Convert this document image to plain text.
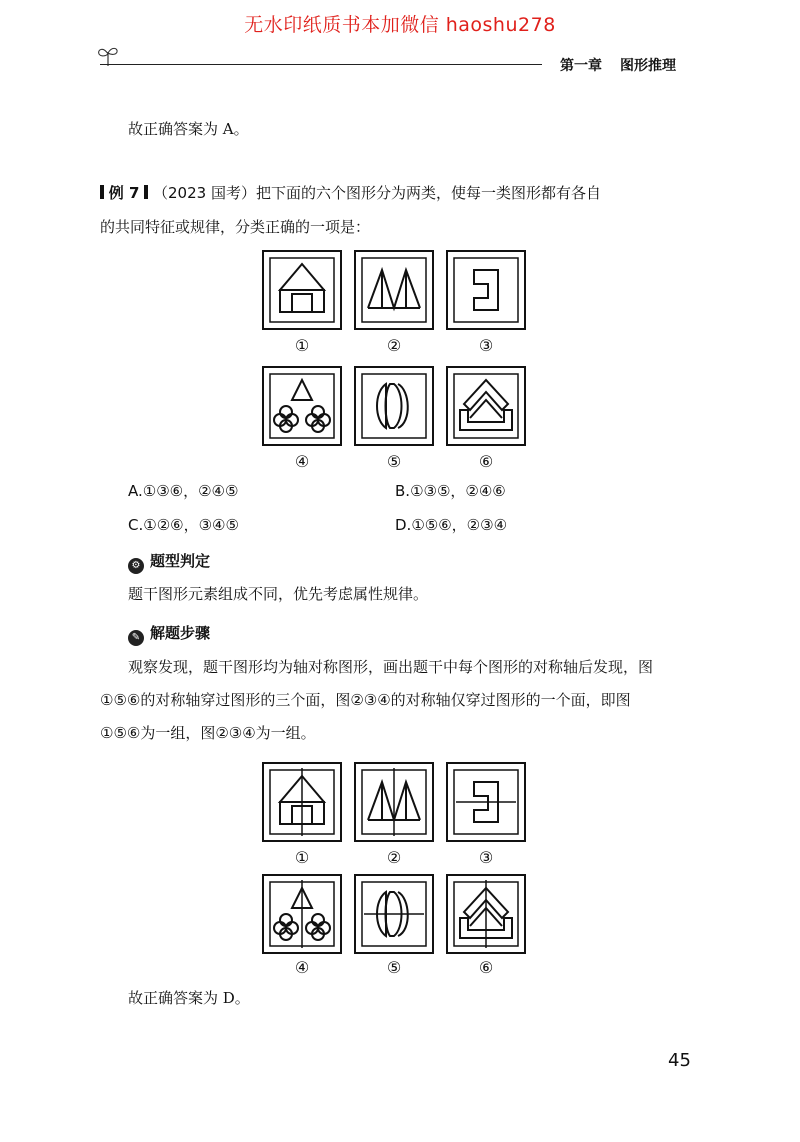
无水印纸质书本加微信 haoshu278
第一章 图形推理
故正确答案为 A。
例 7 （2023 国考）把下面的六个图形分为两类，使每一类图形都有各自
的共同特征或规律，分类正确的一项是：
①	②	③
④	⑤	⑥
A.①③⑥，②④⑤	B.①③⑤，②④⑥
C.①②⑥，③④⑤	D.①⑤⑥，②③④
⚙ 题型判定
题干图形元素组成不同，优先考虑属性规律。
✎ 解题步骤
观察发现，题干图形均为轴对称图形，画出题干中每个图形的对称轴后发现，图
①⑤⑥的对称轴穿过图形的三个面，图②③④的对称轴仅穿过图形的一个面，即图
①⑤⑥为一组，图②③④为一组。
①	②	③
④	⑤	⑥
故正确答案为 D。
45
